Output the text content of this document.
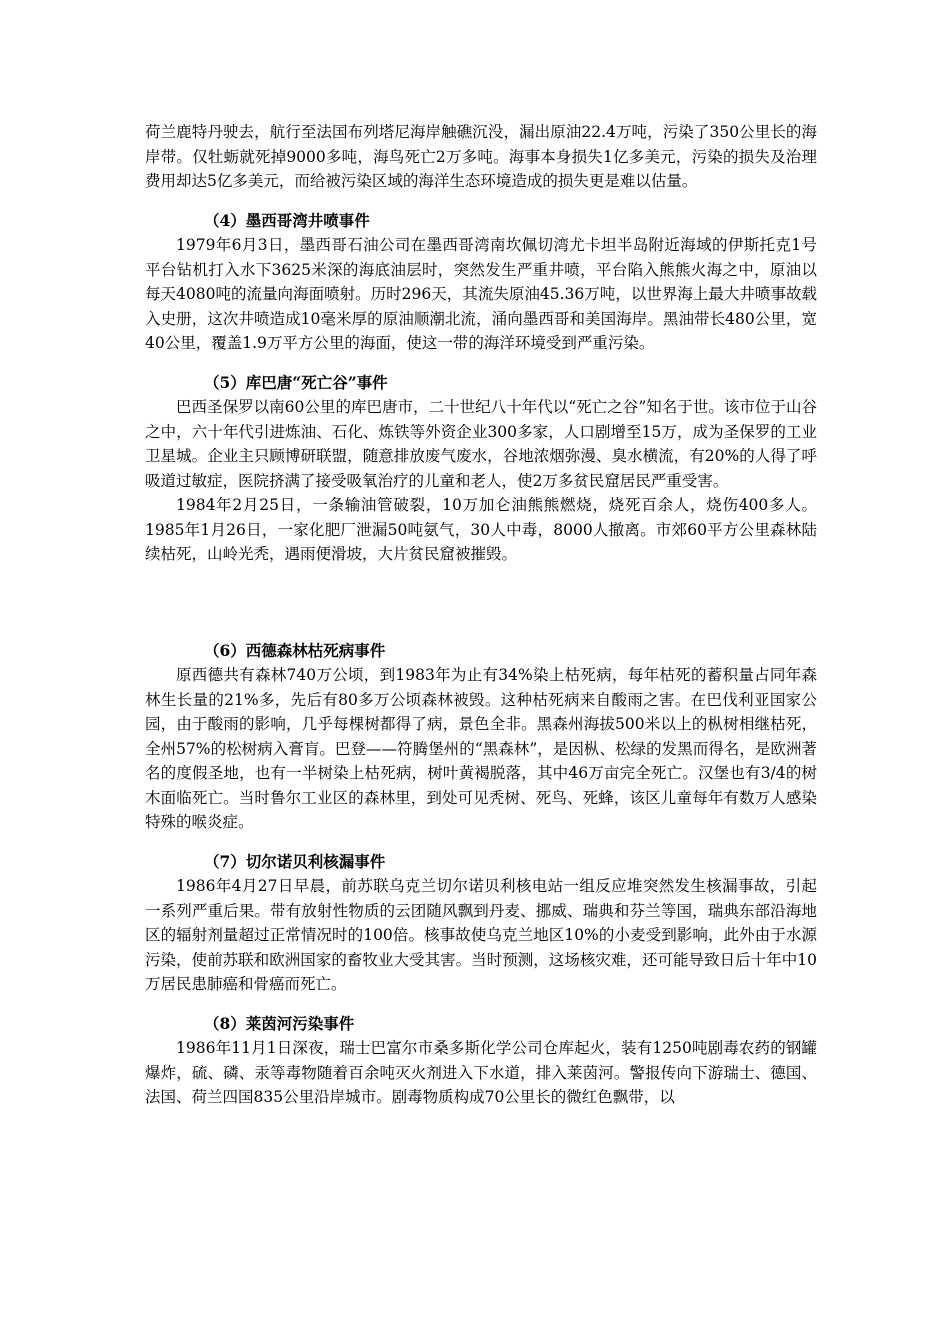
荷兰鹿特丹驶去，航行至法国布列塔尼海岸触礁沉没，漏出原油22.4万吨，污染了350公里长的海岸带。仅牡蛎就死掉9000多吨，海鸟死亡2万多吨。海事本身损失1亿多美元，污染的损失及治理费用却达5亿多美元，而给被污染区域的海洋生态环境造成的损失更是难以估量。

（4）墨西哥湾井喷事件

1979年6月3日，墨西哥石油公司在墨西哥湾南坎佩切湾尤卡坦半岛附近海域的伊斯托克1号平台钻机打入水下3625米深的海底油层时，突然发生严重井喷，平台陷入熊熊火海之中，原油以每天4080吨的流量向海面喷射。历时296天，其流失原油45.36万吨，以世界海上最大井喷事故载入史册，这次井喷造成10毫米厚的原油顺潮北流，涌向墨西哥和美国海岸。黑油带长480公里，宽40公里，覆盖1.9万平方公里的海面，使这一带的海洋环境受到严重污染。

（5）库巴唐“死亡谷”事件

巴西圣保罗以南60公里的库巴唐市，二十世纪八十年代以“死亡之谷”知名于世。该市位于山谷之中，六十年代引进炼油、石化、炼铁等外资企业300多家，人口剧增至15万，成为圣保罗的工业卫星城。企业主只顾博研联盟，随意排放废气废水，谷地浓烟弥漫、臭水横流，有20%的人得了呼吸道过敏症，医院挤满了接受吸氧治疗的儿童和老人，使2万多贫民窟居民严重受害。

1984年2月25日，一条输油管破裂，10万加仑油熊熊燃烧，烧死百余人，烧伤400多人。1985年1月26日，一家化肥厂泄漏50吨氨气，30人中毒，8000人撤离。市郊60平方公里森林陆续枯死，山岭光秃，遇雨便滑坡，大片贫民窟被摧毁。

（6）西德森林枯死病事件

原西德共有森林740万公顷，到1983年为止有34%染上枯死病，每年枯死的蓄积量占同年森林生长量的21%多，先后有80多万公顷森林被毁。这种枯死病来自酸雨之害。在巴伐利亚国家公园，由于酸雨的影响，几乎每棵树都得了病，景色全非。黑森州海拔500米以上的枞树相继枯死，全州57%的松树病入膏肓。巴登——符腾堡州的“黑森林”，是因枞、松绿的发黑而得名，是欧洲著名的度假圣地，也有一半树染上枯死病，树叶黄褐脱落，其中46万亩完全死亡。汉堡也有3/4的树木面临死亡。当时鲁尔工业区的森林里，到处可见秃树、死鸟、死蜂，该区儿童每年有数万人感染特殊的喉炎症。

（7）切尔诺贝利核漏事件

1986年4月27日早晨，前苏联乌克兰切尔诺贝利核电站一组反应堆突然发生核漏事故，引起一系列严重后果。带有放射性物质的云团随风飘到丹麦、挪威、瑞典和芬兰等国，瑞典东部沿海地区的辐射剂量超过正常情况时的100倍。核事故使乌克兰地区10%的小麦受到影响，此外由于水源污染，使前苏联和欧洲国家的畜牧业大受其害。当时预测，这场核灾难，还可能导致日后十年中10万居民患肺癌和骨癌而死亡。

（8）莱茵河污染事件

1986年11月1日深夜，瑞士巴富尔市桑多斯化学公司仓库起火，装有1250吨剧毒农药的钢罐爆炸，硫、磷、汞等毒物随着百余吨灭火剂进入下水道，排入莱茵河。警报传向下游瑞士、德国、法国、荷兰四国835公里沿岸城市。剧毒物质构成70公里长的微红色飘带，以
